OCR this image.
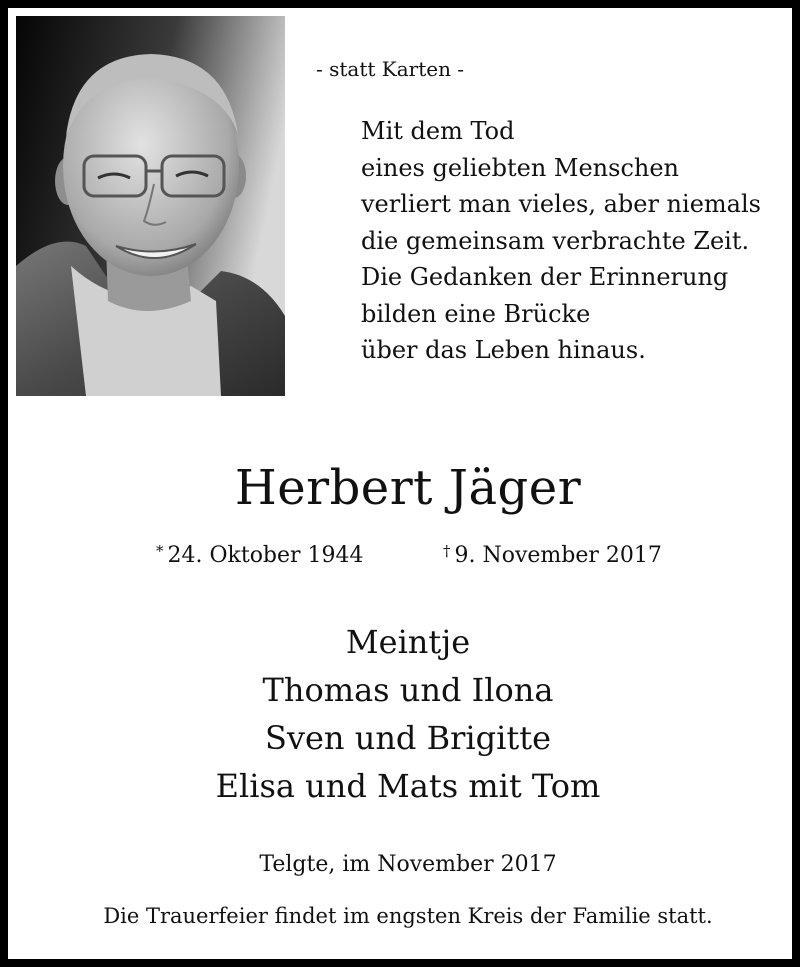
- statt Karten -
Mit dem Tod
eines geliebten Menschen
verliert man vieles, aber niemals
die gemeinsam verbrachte Zeit.
Die Gedanken der Erinnerung
bilden eine Brücke
über das Leben hinaus.
Herbert Jäger
* 24. Oktober 1944	† 9. November 2017
Meintje
Thomas und Ilona
Sven und Brigitte
Elisa und Mats mit Tom
Telgte, im November 2017
Die Trauerfeier findet im engsten Kreis der Familie statt.
